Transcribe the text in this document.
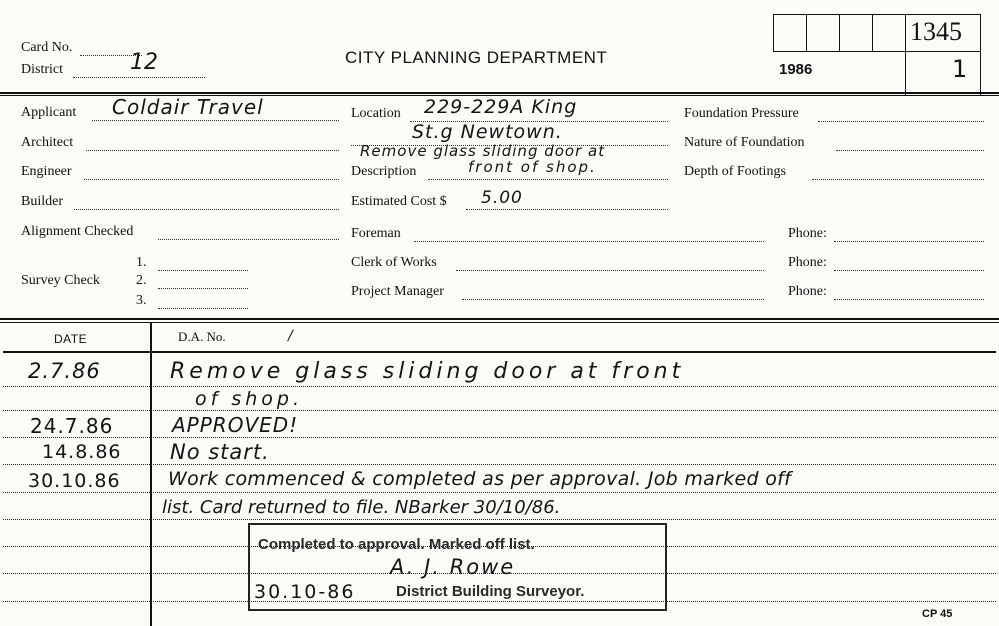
Card No.
District	12	CITY PLANNING DEPARTMENT
1986
1345
1
Applicant Coldair Travel
Architect
Engineer
Builder
Alignment Checked
Survey Check
1.
2.
3.
Location 229-229A King
St.g Newtown.
Remove glass sliding door at
Description	front of shop.
Estimated Cost $ 5.00
Foreman
Clerk of Works
Project Manager
Foundation Pressure
Nature of Foundation
Depth of Footings
Phone:
Phone:
Phone:
DATE	D.A. No.	/
2.7.86	Remove glass sliding door at front
of shop.
24.7.86	APPROVED!
14.8.86 No start.
30.10.86 Work commenced & completed as per approval. Job marked off
list. Card returned to file. NBarker 30/10/86.
Completed to approval. Marked off list.
A. J. Rowe
30.10-86	District Building Surveyor.
CP 45
